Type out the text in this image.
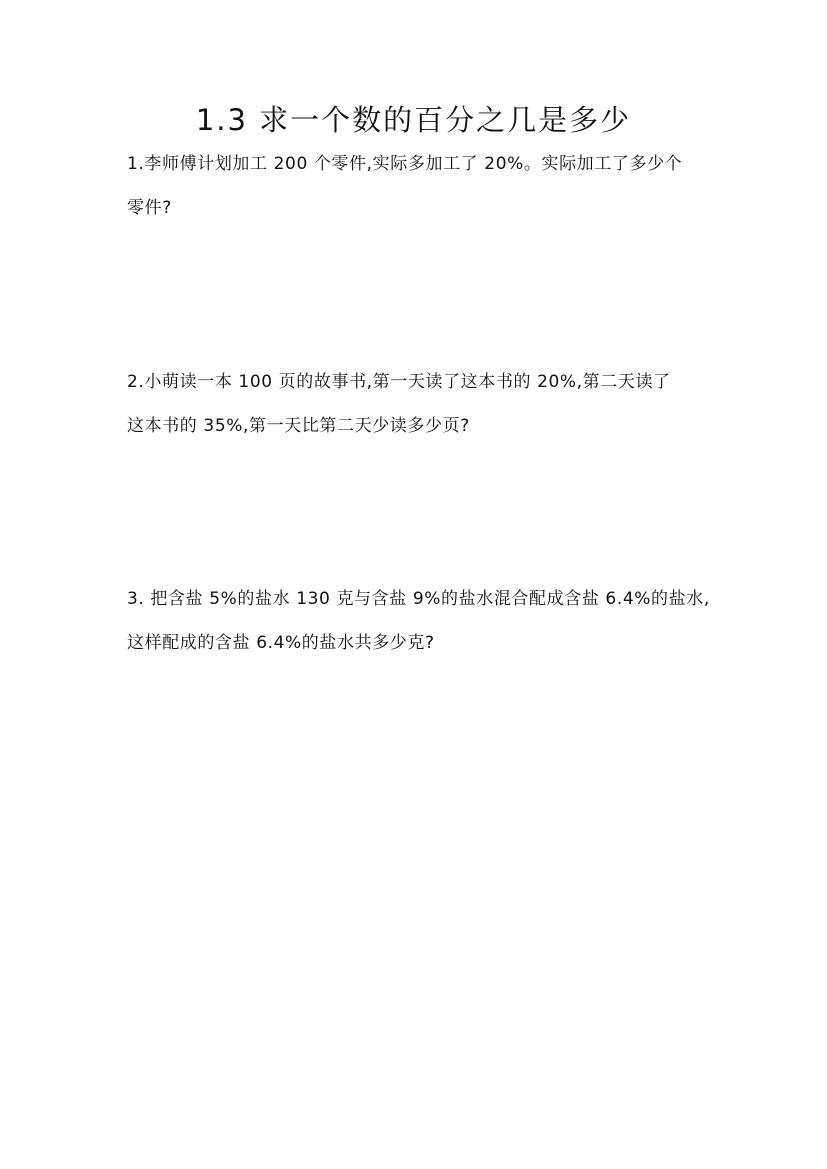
1.3 求一个数的百分之几是多少
1.李师傅计划加工 200 个零件,实际多加工了 20%。实际加工了多少个
零件?
2.小萌读一本 100 页的故事书,第一天读了这本书的 20%,第二天读了
这本书的 35%,第一天比第二天少读多少页?
3. 把含盐 5%的盐水 130 克与含盐 9%的盐水混合配成含盐 6.4%的盐水,
这样配成的含盐 6.4%的盐水共多少克?
